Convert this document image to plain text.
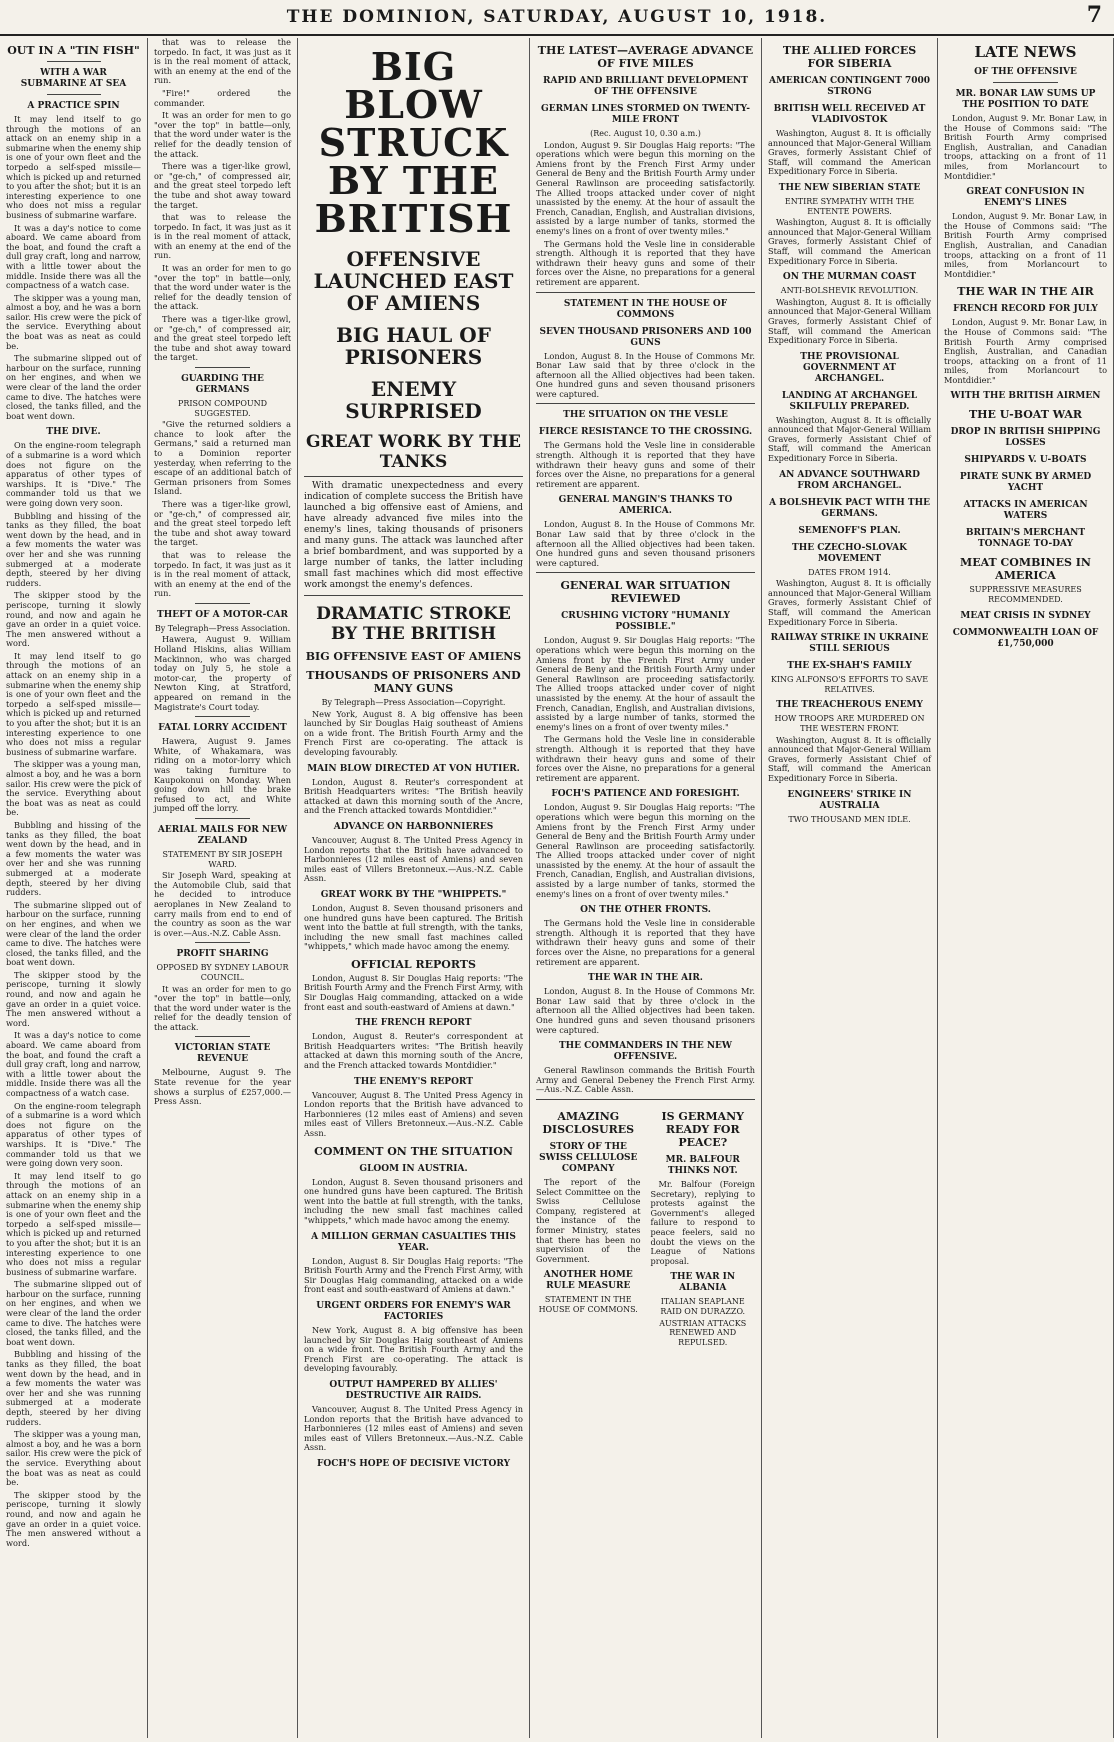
THE DOMINION, SATURDAY, AUGUST 10, 1918.	7
OUT IN A "TIN FISH"
WITH A WAR SUBMARINE AT SEA
A PRACTICE SPIN

It may lend itself to go through the motions of an attack on an enemy ship in a submarine when the enemy ship is one of your own fleet and the torpedo a self-sped missile—which is picked up and returned to you after the shot; but it is an interesting experience to one who does not miss a regular business of submarine warfare.

It was a day's notice to come aboard. We came aboard from the boat, and found the craft a dull gray craft, long and narrow, with a little tower about the middle. Inside there was all the compactness of a watch case.

The skipper was a young man, almost a boy, and he was a born sailor. His crew were the pick of the service. Everything about the boat was as neat as could be.

The submarine slipped out of harbour on the surface, running on her engines, and when we were clear of the land the order came to dive. The hatches were closed, the tanks filled, and the boat went down.

THE DIVE.

On the engine-room telegraph of a submarine is a word which does not figure on the apparatus of other types of warships. It is "Dive." The commander told us that we were going down very soon.

Bubbling and hissing of the tanks as they filled, the boat went down by the head, and in a few moments the water was over her and she was running submerged at a moderate depth, steered by her diving rudders.

The skipper stood by the periscope, turning it slowly round, and now and again he gave an order in a quiet voice. The men answered without a word.

It may lend itself to go through the motions of an attack on an enemy ship in a submarine when the enemy ship is one of your own fleet and the torpedo a self-sped missile—which is picked up and returned to you after the shot; but it is an interesting experience to one who does not miss a regular business of submarine warfare.

The skipper was a young man, almost a boy, and he was a born sailor. His crew were the pick of the service. Everything about the boat was as neat as could be.

Bubbling and hissing of the tanks as they filled, the boat went down by the head, and in a few moments the water was over her and she was running submerged at a moderate depth, steered by her diving rudders.

The submarine slipped out of harbour on the surface, running on her engines, and when we were clear of the land the order came to dive. The hatches were closed, the tanks filled, and the boat went down.

The skipper stood by the periscope, turning it slowly round, and now and again he gave an order in a quiet voice. The men answered without a word.

It was a day's notice to come aboard. We came aboard from the boat, and found the craft a dull gray craft, long and narrow, with a little tower about the middle. Inside there was all the compactness of a watch case.

On the engine-room telegraph of a submarine is a word which does not figure on the apparatus of other types of warships. It is "Dive." The commander told us that we were going down very soon.

It may lend itself to go through the motions of an attack on an enemy ship in a submarine when the enemy ship is one of your own fleet and the torpedo a self-sped missile—which is picked up and returned to you after the shot; but it is an interesting experience to one who does not miss a regular business of submarine warfare.

The submarine slipped out of harbour on the surface, running on her engines, and when we were clear of the land the order came to dive. The hatches were closed, the tanks filled, and the boat went down.

Bubbling and hissing of the tanks as they filled, the boat went down by the head, and in a few moments the water was over her and she was running submerged at a moderate depth, steered by her diving rudders.

The skipper was a young man, almost a boy, and he was a born sailor. His crew were the pick of the service. Everything about the boat was as neat as could be.

The skipper stood by the periscope, turning it slowly round, and now and again he gave an order in a quiet voice. The men answered without a word.

that was to release the torpedo. In fact, it was just as it is in the real moment of attack, with an enemy at the end of the run.

"Fire!" ordered the commander.

It was an order for men to go "over the top" in battle—only, that the word under water is the relief for the deadly tension of the attack.

There was a tiger-like growl, or "ge-ch," of compressed air, and the great steel torpedo left the tube and shot away toward the target.

that was to release the torpedo. In fact, it was just as it is in the real moment of attack, with an enemy at the end of the run.

It was an order for men to go "over the top" in battle—only, that the word under water is the relief for the deadly tension of the attack.

There was a tiger-like growl, or "ge-ch," of compressed air, and the great steel torpedo left the tube and shot away toward the target.

GUARDING THE GERMANS
PRISON COMPOUND SUGGESTED.

"Give the returned soldiers a chance to look after the Germans," said a returned man to a Dominion reporter yesterday, when referring to the escape of an additional batch of German prisoners from Somes Island.

There was a tiger-like growl, or "ge-ch," of compressed air, and the great steel torpedo left the tube and shot away toward the target.

that was to release the torpedo. In fact, it was just as it is in the real moment of attack, with an enemy at the end of the run.

THEFT OF A MOTOR-CAR
By Telegraph—Press Association.

Hawera, August 9. William Holland Hiskins, alias William Mackinnon, who was charged today on July 5, he stole a motor-car, the property of Newton King, at Stratford, appeared on remand in the Magistrate's Court today.

FATAL LORRY ACCIDENT

Hawera, August 9. James White, of Whakamara, was riding on a motor-lorry which was taking furniture to Kaupokonui on Monday. When going down hill the brake refused to act, and White jumped off the lorry.

AERIAL MAILS FOR NEW ZEALAND
STATEMENT BY SIR JOSEPH WARD.

Sir Joseph Ward, speaking at the Automobile Club, said that he decided to introduce aeroplanes in New Zealand to carry mails from end to end of the country as soon as the war is over.—Aus.-N.Z. Cable Assn.

PROFIT SHARING
OPPOSED BY SYDNEY LABOUR COUNCIL.

It was an order for men to go "over the top" in battle—only, that the word under water is the relief for the deadly tension of the attack.

VICTORIAN STATE REVENUE

Melbourne, August 9. The State revenue for the year shows a surplus of £257,000.—Press Assn.

BIG BLOW STRUCK BY THE BRITISH
OFFENSIVE LAUNCHED EAST OF AMIENS
BIG HAUL OF PRISONERS
ENEMY SURPRISED
GREAT WORK BY THE TANKS

With dramatic unexpectedness and every indication of complete success the British have launched a big offensive east of Amiens, and have already advanced five miles into the enemy's lines, taking thousands of prisoners and many guns. The attack was launched after a brief bombardment, and was supported by a large number of tanks, the latter including small fast machines which did most effective work amongst the enemy's defences.

DRAMATIC STROKE BY THE BRITISH
BIG OFFENSIVE EAST OF AMIENS
THOUSANDS OF PRISONERS AND MANY GUNS
By Telegraph—Press Association—Copyright.

New York, August 8. A big offensive has been launched by Sir Douglas Haig southeast of Amiens on a wide front. The British Fourth Army and the French First are co-operating. The attack is developing favourably.

MAIN BLOW DIRECTED AT VON HUTIER.

London, August 8. Reuter's correspondent at British Headquarters writes: "The British heavily attacked at dawn this morning south of the Ancre, and the French attacked towards Montdidier."

ADVANCE ON HARBONNIERES

Vancouver, August 8. The United Press Agency in London reports that the British have advanced to Harbonnieres (12 miles east of Amiens) and seven miles east of Villers Bretonneux.—Aus.-N.Z. Cable Assn.

GREAT WORK BY THE "WHIPPETS."

London, August 8. Seven thousand prisoners and one hundred guns have been captured. The British went into the battle at full strength, with the tanks, including the new small fast machines called "whippets," which made havoc among the enemy.

OFFICIAL REPORTS

London, August 8. Sir Douglas Haig reports: "The British Fourth Army and the French First Army, with Sir Douglas Haig commanding, attacked on a wide front east and south-eastward of Amiens at dawn."

THE FRENCH REPORT

London, August 8. Reuter's correspondent at British Headquarters writes: "The British heavily attacked at dawn this morning south of the Ancre, and the French attacked towards Montdidier."

THE ENEMY'S REPORT

Vancouver, August 8. The United Press Agency in London reports that the British have advanced to Harbonnieres (12 miles east of Amiens) and seven miles east of Villers Bretonneux.—Aus.-N.Z. Cable Assn.

COMMENT ON THE SITUATION
GLOOM IN AUSTRIA.

London, August 8. Seven thousand prisoners and one hundred guns have been captured. The British went into the battle at full strength, with the tanks, including the new small fast machines called "whippets," which made havoc among the enemy.

A MILLION GERMAN CASUALTIES THIS YEAR.

London, August 8. Sir Douglas Haig reports: "The British Fourth Army and the French First Army, with Sir Douglas Haig commanding, attacked on a wide front east and south-eastward of Amiens at dawn."

URGENT ORDERS FOR ENEMY'S WAR FACTORIES

New York, August 8. A big offensive has been launched by Sir Douglas Haig southeast of Amiens on a wide front. The British Fourth Army and the French First are co-operating. The attack is developing favourably.

OUTPUT HAMPERED BY ALLIES' DESTRUCTIVE AIR RAIDS.

Vancouver, August 8. The United Press Agency in London reports that the British have advanced to Harbonnieres (12 miles east of Amiens) and seven miles east of Villers Bretonneux.—Aus.-N.Z. Cable Assn.

FOCH'S HOPE OF DECISIVE VICTORY
THE LATEST—AVERAGE ADVANCE OF FIVE MILES
RAPID AND BRILLIANT DEVELOPMENT OF THE OFFENSIVE
GERMAN LINES STORMED ON TWENTY-MILE FRONT
(Rec. August 10, 0.30 a.m.)

London, August 9. Sir Douglas Haig reports: "The operations which were begun this morning on the Amiens front by the French First Army under General de Beny and the British Fourth Army under General Rawlinson are proceeding satisfactorily. The Allied troops attacked under cover of night unassisted by the enemy. At the hour of assault the French, Canadian, English, and Australian divisions, assisted by a large number of tanks, stormed the enemy's lines on a front of over twenty miles."

The Germans hold the Vesle line in considerable strength. Although it is reported that they have withdrawn their heavy guns and some of their forces over the Aisne, no preparations for a general retirement are apparent.

STATEMENT IN THE HOUSE OF COMMONS
SEVEN THOUSAND PRISONERS AND 100 GUNS

London, August 8. In the House of Commons Mr. Bonar Law said that by three o'clock in the afternoon all the Allied objectives had been taken. One hundred guns and seven thousand prisoners were captured.

THE SITUATION ON THE VESLE
FIERCE RESISTANCE TO THE CROSSING.

The Germans hold the Vesle line in considerable strength. Although it is reported that they have withdrawn their heavy guns and some of their forces over the Aisne, no preparations for a general retirement are apparent.

GENERAL MANGIN'S THANKS TO AMERICA.

London, August 8. In the House of Commons Mr. Bonar Law said that by three o'clock in the afternoon all the Allied objectives had been taken. One hundred guns and seven thousand prisoners were captured.

GENERAL WAR SITUATION REVIEWED
CRUSHING VICTORY "HUMANLY POSSIBLE."

London, August 9. Sir Douglas Haig reports: "The operations which were begun this morning on the Amiens front by the French First Army under General de Beny and the British Fourth Army under General Rawlinson are proceeding satisfactorily. The Allied troops attacked under cover of night unassisted by the enemy. At the hour of assault the French, Canadian, English, and Australian divisions, assisted by a large number of tanks, stormed the enemy's lines on a front of over twenty miles."

The Germans hold the Vesle line in considerable strength. Although it is reported that they have withdrawn their heavy guns and some of their forces over the Aisne, no preparations for a general retirement are apparent.

FOCH'S PATIENCE AND FORESIGHT.

London, August 9. Sir Douglas Haig reports: "The operations which were begun this morning on the Amiens front by the French First Army under General de Beny and the British Fourth Army under General Rawlinson are proceeding satisfactorily. The Allied troops attacked under cover of night unassisted by the enemy. At the hour of assault the French, Canadian, English, and Australian divisions, assisted by a large number of tanks, stormed the enemy's lines on a front of over twenty miles."

ON THE OTHER FRONTS.

The Germans hold the Vesle line in considerable strength. Although it is reported that they have withdrawn their heavy guns and some of their forces over the Aisne, no preparations for a general retirement are apparent.

THE WAR IN THE AIR.

London, August 8. In the House of Commons Mr. Bonar Law said that by three o'clock in the afternoon all the Allied objectives had been taken. One hundred guns and seven thousand prisoners were captured.

THE COMMANDERS IN THE NEW OFFENSIVE.

General Rawlinson commands the British Fourth Army and General Debeney the French First Army.—Aus.-N.Z. Cable Assn.

AMAZING DISCLOSURES
STORY OF THE SWISS CELLULOSE COMPANY

The report of the Select Committee on the Swiss Cellulose Company, registered at the instance of the former Ministry, states that there has been no supervision of the Government.

ANOTHER HOME RULE MEASURE
STATEMENT IN THE HOUSE OF COMMONS.
IS GERMANY READY FOR PEACE?
MR. BALFOUR THINKS NOT.

Mr. Balfour (Foreign Secretary), replying to protests against the Government's alleged failure to respond to peace feelers, said no doubt the views on the League of Nations proposal.

THE WAR IN ALBANIA
ITALIAN SEAPLANE RAID ON DURAZZO.
AUSTRIAN ATTACKS RENEWED AND REPULSED.
THE ALLIED FORCES FOR SIBERIA
AMERICAN CONTINGENT 7000 STRONG
BRITISH WELL RECEIVED AT VLADIVOSTOK

Washington, August 8. It is officially announced that Major-General William Graves, formerly Assistant Chief of Staff, will command the American Expeditionary Force in Siberia.

THE NEW SIBERIAN STATE
ENTIRE SYMPATHY WITH THE ENTENTE POWERS.

Washington, August 8. It is officially announced that Major-General William Graves, formerly Assistant Chief of Staff, will command the American Expeditionary Force in Siberia.

ON THE MURMAN COAST
ANTI-BOLSHEVIK REVOLUTION.

Washington, August 8. It is officially announced that Major-General William Graves, formerly Assistant Chief of Staff, will command the American Expeditionary Force in Siberia.

THE PROVISIONAL GOVERNMENT AT ARCHANGEL.
LANDING AT ARCHANGEL SKILFULLY PREPARED.

Washington, August 8. It is officially announced that Major-General William Graves, formerly Assistant Chief of Staff, will command the American Expeditionary Force in Siberia.

AN ADVANCE SOUTHWARD FROM ARCHANGEL.
A BOLSHEVIK PACT WITH THE GERMANS.
SEMENOFF'S PLAN.
THE CZECHO-SLOVAK MOVEMENT
DATES FROM 1914.

Washington, August 8. It is officially announced that Major-General William Graves, formerly Assistant Chief of Staff, will command the American Expeditionary Force in Siberia.

RAILWAY STRIKE IN UKRAINE STILL SERIOUS
THE EX-SHAH'S FAMILY
KING ALFONSO'S EFFORTS TO SAVE RELATIVES.
THE TREACHEROUS ENEMY
HOW TROOPS ARE MURDERED ON THE WESTERN FRONT.

Washington, August 8. It is officially announced that Major-General William Graves, formerly Assistant Chief of Staff, will command the American Expeditionary Force in Siberia.

ENGINEERS' STRIKE IN AUSTRALIA
TWO THOUSAND MEN IDLE.
LATE NEWS
OF THE OFFENSIVE
MR. BONAR LAW SUMS UP THE POSITION TO DATE

London, August 9. Mr. Bonar Law, in the House of Commons said: "The British Fourth Army comprised English, Australian, and Canadian troops, attacking on a front of 11 miles, from Morlancourt to Montdidier."

GREAT CONFUSION IN ENEMY'S LINES

London, August 9. Mr. Bonar Law, in the House of Commons said: "The British Fourth Army comprised English, Australian, and Canadian troops, attacking on a front of 11 miles, from Morlancourt to Montdidier."

THE WAR IN THE AIR
FRENCH RECORD FOR JULY

London, August 9. Mr. Bonar Law, in the House of Commons said: "The British Fourth Army comprised English, Australian, and Canadian troops, attacking on a front of 11 miles, from Morlancourt to Montdidier."

WITH THE BRITISH AIRMEN
THE U-BOAT WAR
DROP IN BRITISH SHIPPING LOSSES
SHIPYARDS V. U-BOATS
PIRATE SUNK BY ARMED YACHT
ATTACKS IN AMERICAN WATERS
BRITAIN'S MERCHANT TONNAGE TO-DAY
MEAT COMBINES IN AMERICA
SUPPRESSIVE MEASURES RECOMMENDED.
MEAT CRISIS IN SYDNEY
COMMONWEALTH LOAN OF £1,750,000
